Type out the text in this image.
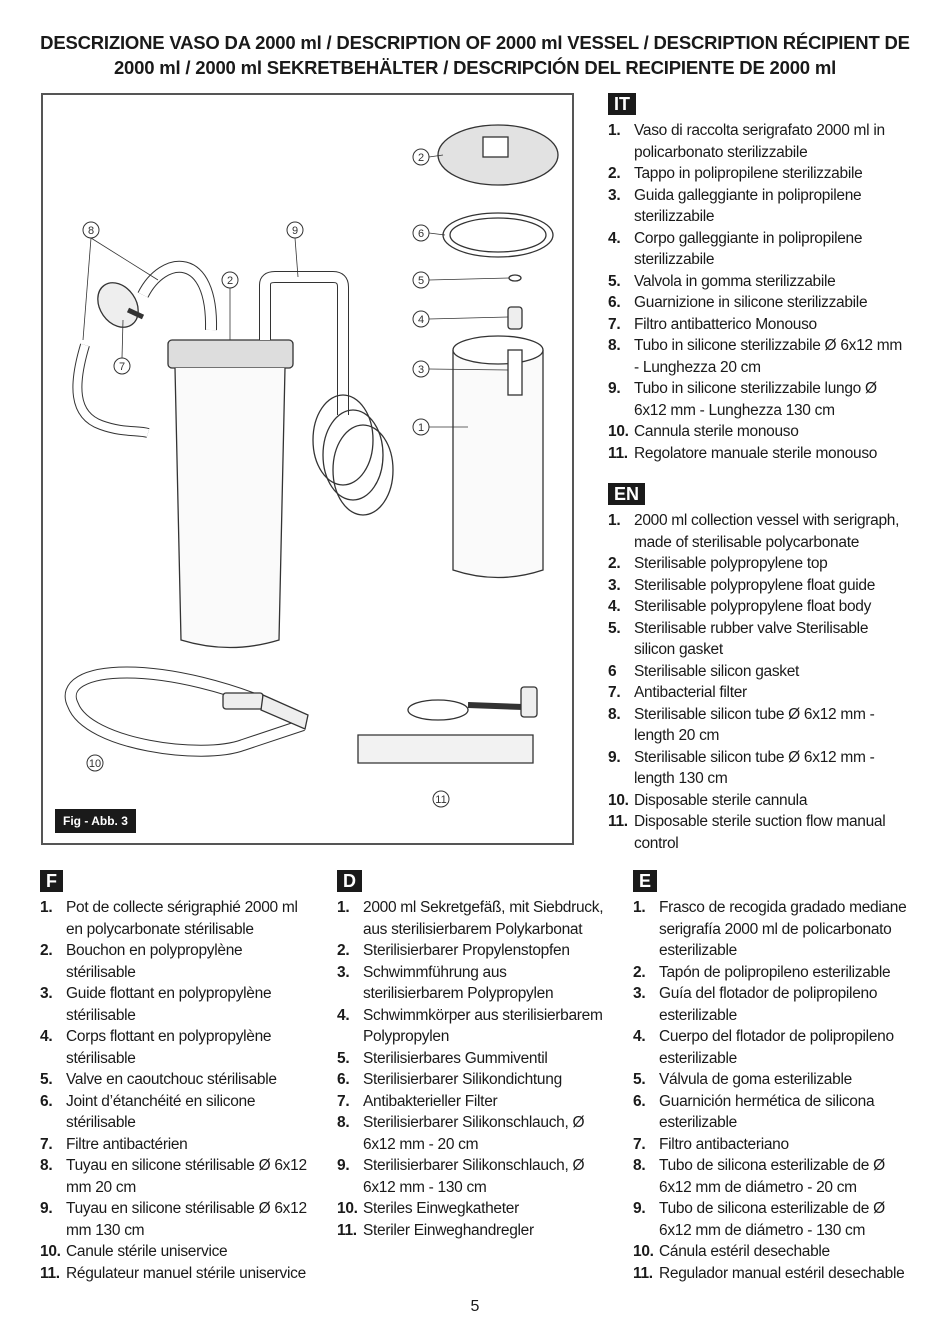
DESCRIZIONE VASO DA 2000 ml / DESCRIPTION OF 2000 ml VESSEL / DESCRIPTION RÉCIPIENT DE
2000 ml / 2000 ml SEKRETBEHÄLTER / DESCRIPCIÓN DEL RECIPIENTE DE 2000 ml
2
6
5
4
3
1
8	9
2
7
10
11
Fig - Abb. 3
IT
1. Vaso di raccolta serigrafato 2000 ml in policarbonato sterilizzabile
2. Tappo in polipropilene sterilizzabile
3. Guida galleggiante in polipropilene sterilizzabile
4. Corpo galleggiante in polipropilene sterilizzabile
5. Valvola in gomma sterilizzabile
6. Guarnizione in silicone sterilizzabile
7. Filtro antibatterico Monouso
8. Tubo in silicone sterilizzabile Ø 6x12 mm - Lunghezza 20 cm
9. Tubo in silicone sterilizzabile lungo Ø 6x12 mm - Lunghezza 130 cm
10. Cannula sterile monouso
11. Regolatore manuale sterile monouso
EN
1. 2000 ml collection vessel with serigraph, made of sterilisable polycarbonate
2. Sterilisable polypropylene top
3. Sterilisable polypropylene float guide
4. Sterilisable polypropylene float body
5. Sterilisable rubber valve Sterilisable silicon gasket
6	Sterilisable silicon gasket
7. Antibacterial filter
8. Sterilisable silicon tube Ø 6x12 mm - length 20 cm
9. Sterilisable silicon tube Ø 6x12 mm - length 130 cm
10. Disposable sterile cannula
11. Disposable sterile suction flow manual control
F
1. Pot de collecte sérigraphié 2000 ml en polycarbonate stérilisable
2. Bouchon en polypropylène stérilisable
3. Guide flottant en polypropylène stérilisable
4. Corps flottant en polypropylène stérilisable
5. Valve en caoutchouc stérilisable
6. Joint d’étanchéité en silicone stérilisable
7. Filtre antibactérien
8. Tuyau en silicone stérilisable Ø 6x12 mm 20 cm
9. Tuyau en silicone stérilisable Ø 6x12 mm 130 cm
10. Canule stérile uniservice
11. Régulateur manuel stérile uniservice
D
1. 2000 ml Sekretgefäß, mit Siebdruck, aus sterilisierbarem Polykarbonat
2. Sterilisierbarer Propylenstopfen
3. Schwimmführung aus sterilisierbarem Polypropylen
4. Schwimmkörper aus sterilisierbarem Polypropylen
5. Sterilisierbares Gummiventil
6. Sterilisierbarer Silikondichtung
7. Antibakterieller Filter
8. Sterilisierbarer Silikonschlauch, Ø 6x12 mm - 20 cm
9. Sterilisierbarer Silikonschlauch, Ø 6x12 mm - 130 cm
10. Steriles Einwegkatheter
11. Steriler Einweghandregler
E
1. Frasco de recogida gradado mediane serigrafía 2000 ml de policarbonato esterilizable
2. Tapón de polipropileno esterilizable
3. Guía del flotador de polipropileno esterilizable
4. Cuerpo del flotador de polipropileno esterilizable
5. Válvula de goma esterilizable
6. Guarnición hermética de silicona esterilizable
7. Filtro antibacteriano
8. Tubo de silicona esterilizable de Ø 6x12 mm de diámetro - 20 cm
9. Tubo de silicona esterilizable de Ø 6x12 mm de diámetro - 130 cm
10. Cánula estéril desechable
11. Regulador manual estéril desechable
5
